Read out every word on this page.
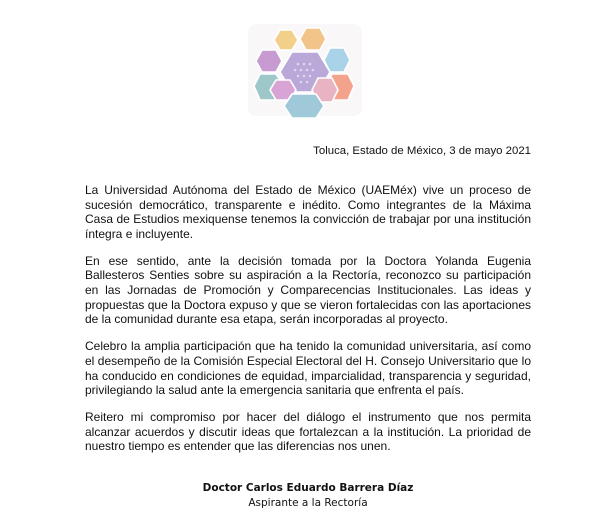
Toluca, Estado de México, 3 de mayo 2021

La Universidad Autónoma del Estado de México (UAEMéx) vive un proceso de sucesión democrático, transparente e inédito. Como integrantes de la Máxima Casa de Estudios mexiquense tenemos la convicción de trabajar por una institución íntegra e incluyente.

En ese sentido, ante la decisión tomada por la Doctora Yolanda Eugenia Ballesteros Senties sobre su aspiración a la Rectoría, reconozco su participación en las Jornadas de Promoción y Comparecencias Institucionales. Las ideas y propuestas que la Doctora expuso y que se vieron fortalecidas con las aportaciones de la comunidad durante esa etapa, serán incorporadas al proyecto.

Celebro la amplia participación que ha tenido la comunidad universitaria, así como el desempeño de la Comisión Especial Electoral del H. Consejo Universitario que lo ha conducido en condiciones de equidad, imparcialidad, transparencia y seguridad, privilegiando la salud ante la emergencia sanitaria que enfrenta el país.

Reitero mi compromiso por hacer del diálogo el instrumento que nos permita alcanzar acuerdos y discutir ideas que fortalezcan a la institución. La prioridad de nuestro tiempo es entender que las diferencias nos unen.

Doctor Carlos Eduardo Barrera Díaz
Aspirante a la Rectoría
